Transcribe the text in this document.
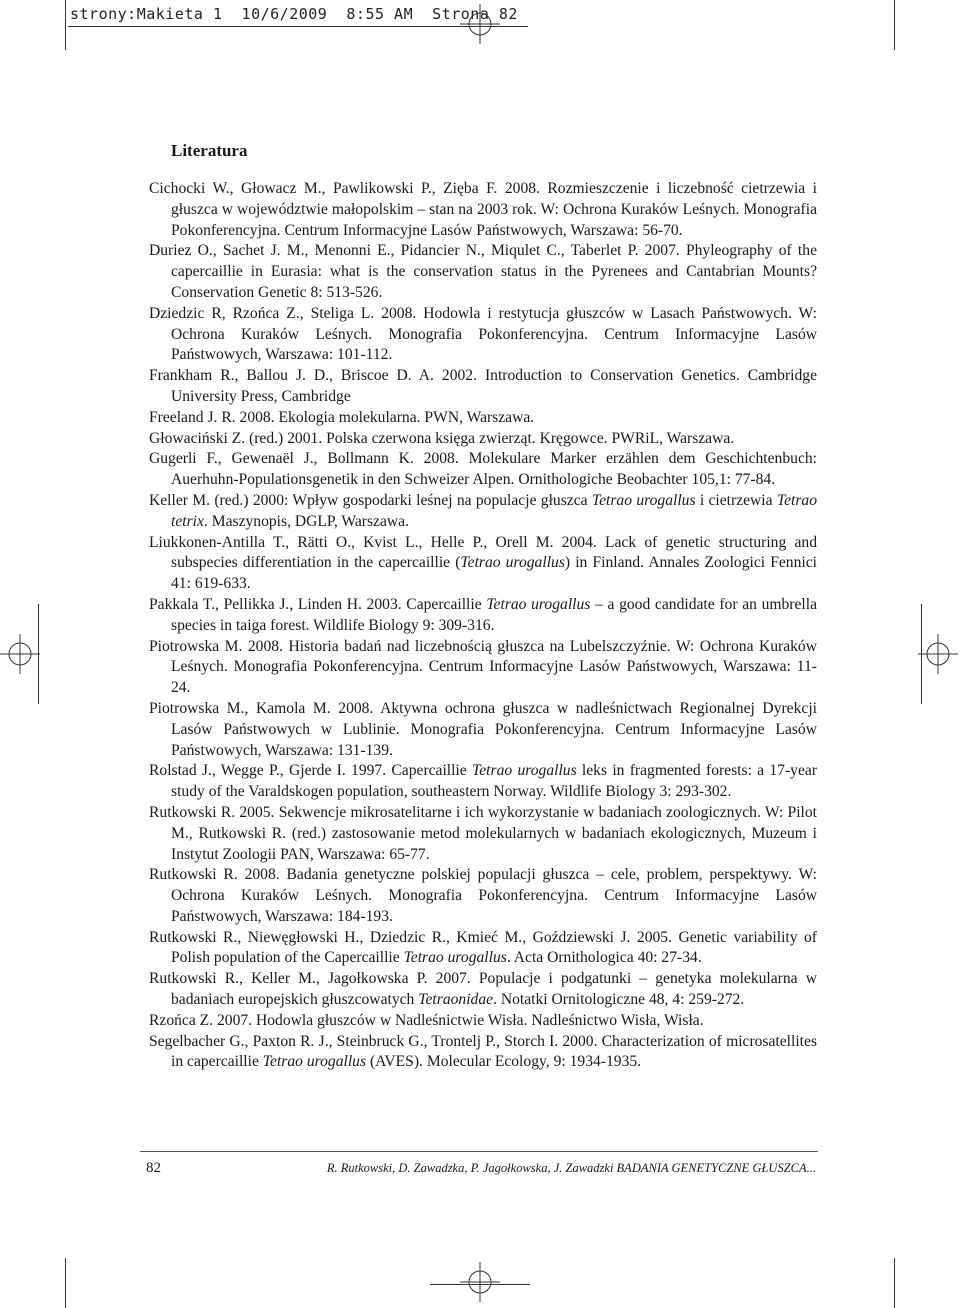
strony:Makieta 1  10/6/2009  8:55 AM  Strona 82
Literatura

Cichocki W., Głowacz M., Pawlikowski P., Zięba F. 2008. Rozmieszczenie i liczebność cietrzewia i głuszca w województwie małopolskim – stan na 2003 rok. W: Ochrona Kuraków Leśnych. Monografia Pokonferencyjna. Centrum Informacyjne Lasów Państwowych, Warszawa: 56-70.

Duriez O., Sachet J. M., Menonni E., Pidancier N., Miqulet C., Taberlet P. 2007. Phyleography of the capercaillie in Eurasia: what is the conservation status in the Pyrenees and Cantabrian Mounts? Conservation Genetic 8: 513-526.

Dziedzic R, Rzońca Z., Steliga L. 2008. Hodowla i restytucja głuszców w Lasach Państwowych. W: Ochrona Kuraków Leśnych. Monografia Pokonferencyjna. Centrum Informacyjne Lasów Państwowych, Warszawa: 101-112.

Frankham R., Ballou J. D., Briscoe D. A. 2002. Introduction to Conservation Genetics. Cambridge University Press, Cambridge

Freeland J. R. 2008. Ekologia molekularna. PWN, Warszawa.

Głowaciński Z. (red.) 2001. Polska czerwona księga zwierząt. Kręgowce. PWRiL, Warszawa.

Gugerli F., Gewenaël J., Bollmann K. 2008. Molekulare Marker erzählen dem Geschichtenbuch: Auerhuhn-Populationsgenetik in den Schweizer Alpen. Ornithologiche Beobachter 105,1: 77-84.

Keller M. (red.) 2000: Wpływ gospodarki leśnej na populacje głuszca Tetrao urogallus i cietrzewia Tetrao tetrix. Maszynopis, DGLP, Warszawa.

Liukkonen-Antilla T., Rätti O., Kvist L., Helle P., Orell M. 2004. Lack of genetic structuring and subspecies differentiation in the capercaillie (Tetrao urogallus) in Finland. Annales Zoologici Fennici 41: 619-633.

Pakkala T., Pellikka J., Linden H. 2003. Capercaillie Tetrao urogallus – a good candidate for an umbrella species in taiga forest. Wildlife Biology 9: 309-316.

Piotrowska M. 2008. Historia badań nad liczebnością głuszca na Lubelszczyźnie. W: Ochrona Kuraków Leśnych. Monografia Pokonferencyjna. Centrum Informacyjne Lasów Państwowych, Warszawa: 11-24.

Piotrowska M., Kamola M. 2008. Aktywna ochrona głuszca w nadleśnictwach Regionalnej Dyrekcji Lasów Państwowych w Lublinie. Monografia Pokonferencyjna. Centrum Informacyjne Lasów Państwowych, Warszawa: 131-139.

Rolstad J., Wegge P., Gjerde I. 1997. Capercaillie Tetrao urogallus leks in fragmented forests: a 17-year study of the Varaldskogen population, southeastern Norway. Wildlife Biology 3: 293-302.

Rutkowski R. 2005. Sekwencje mikrosatelitarne i ich wykorzystanie w badaniach zoologicznych. W: Pilot M., Rutkowski R. (red.) zastosowanie metod molekularnych w badaniach ekologicznych, Muzeum i Instytut Zoologii PAN, Warszawa: 65-77.

Rutkowski R. 2008. Badania genetyczne polskiej populacji głuszca – cele, problem, perspektywy. W: Ochrona Kuraków Leśnych. Monografia Pokonferencyjna. Centrum Informacyjne Lasów Państwowych, Warszawa: 184-193.

Rutkowski R., Niewęgłowski H., Dziedzic R., Kmieć M., Goździewski J. 2005. Genetic variability of Polish population of the Capercaillie Tetrao urogallus. Acta Ornithologica 40: 27-34.

Rutkowski R., Keller M., Jagołkowska P. 2007. Populacje i podgatunki – genetyka molekularna w badaniach europejskich głuszcowatych Tetraonidae. Notatki Ornitologiczne 48, 4: 259-272.

Rzońca Z. 2007. Hodowla głuszców w Nadleśnictwie Wisła. Nadleśnictwo Wisła, Wisła.

Segelbacher G., Paxton R. J., Steinbruck G., Trontelj P., Storch I. 2000. Characterization of microsatellites in capercaillie Tetrao urogallus (AVES). Molecular Ecology, 9: 1934-1935.

82	R. Rutkowski, D. Zawadzka, P. Jagołkowska, J. Zawadzki BADANIA GENETYCZNE GŁUSZCA...
